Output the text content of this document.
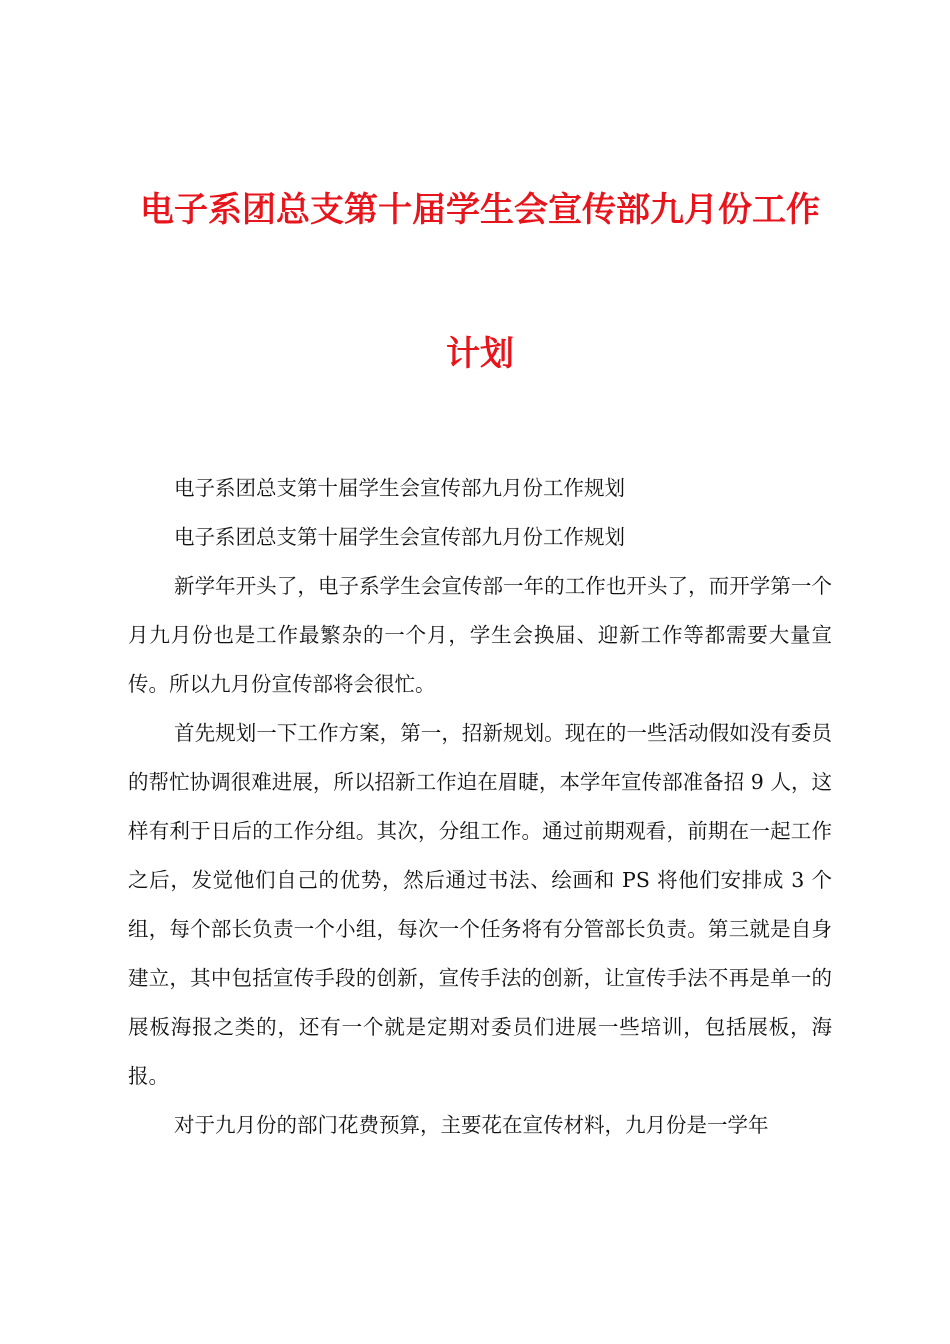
电子系团总支第十届学生会宣传部九月份工作
计划

电子系团总支第十届学生会宣传部九月份工作规划

电子系团总支第十届学生会宣传部九月份工作规划

新学年开头了，电子系学生会宣传部一年的工作也开头了，而开学第一个月九月份也是工作最繁杂的一个月，学生会换届、迎新工作等都需要大量宣传。所以九月份宣传部将会很忙。

首先规划一下工作方案，第一，招新规划。现在的一些活动假如没有委员的帮忙协调很难进展，所以招新工作迫在眉睫，本学年宣传部准备招 9 人，这样有利于日后的工作分组。其次，分组工作。通过前期观看，前期在一起工作之后，发觉他们自己的优势，然后通过书法、绘画和 PS 将他们安排成 3 个组，每个部长负责一个小组，每次一个任务将有分管部长负责。第三就是自身建立，其中包括宣传手段的创新，宣传手法的创新，让宣传手法不再是单一的展板海报之类的，还有一个就是定期对委员们进展一些培训，包括展板，海报。

对于九月份的部门花费预算，主要花在宣传材料，九月份是一学年
